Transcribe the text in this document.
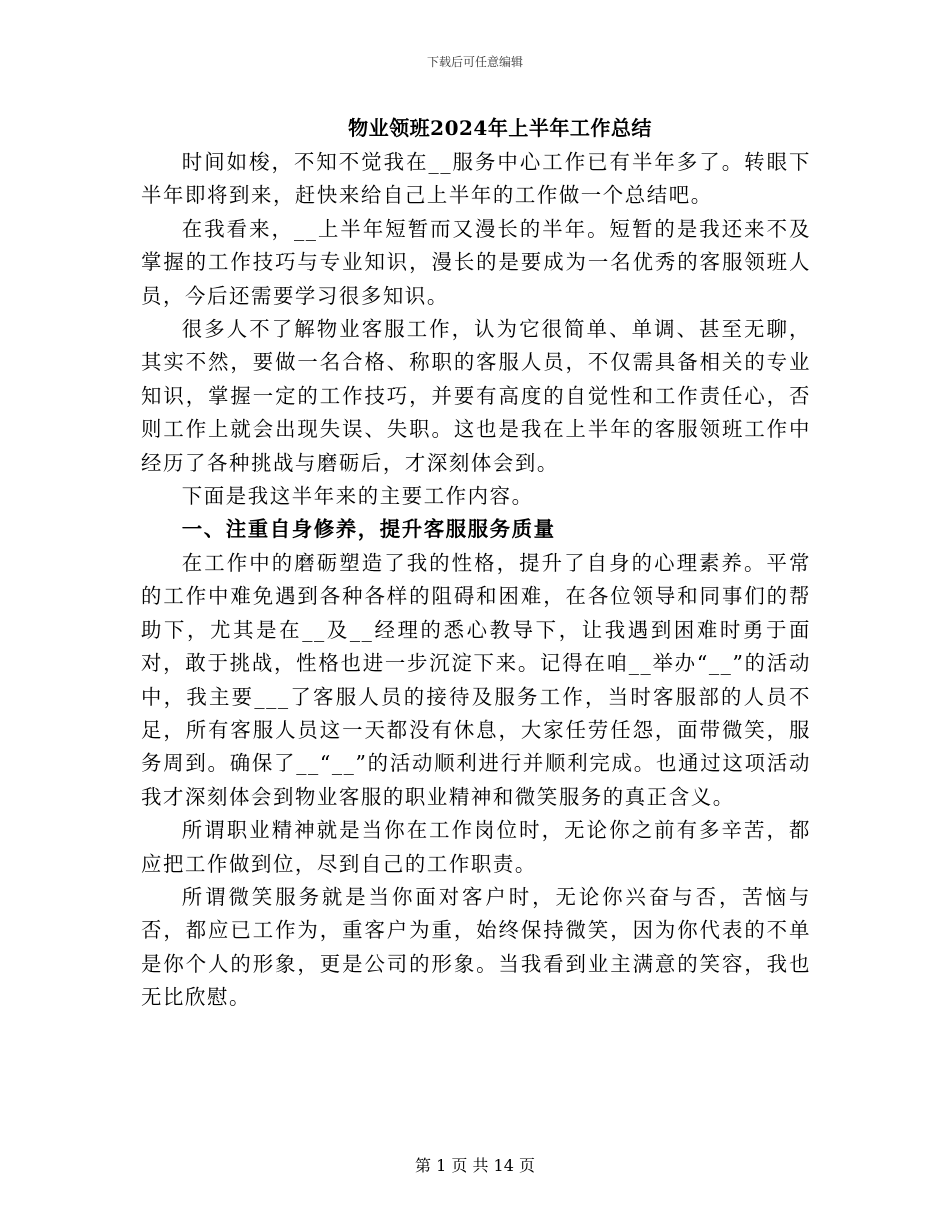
下载后可任意编辑
物业领班2024年上半年工作总结

时间如梭，不知不觉我在__服务中心工作已有半年多了。转眼下半年即将到来，赶快来给自己上半年的工作做一个总结吧。

在我看来，__上半年短暂而又漫长的半年。短暂的是我还来不及掌握的工作技巧与专业知识，漫长的是要成为一名优秀的客服领班人员，今后还需要学习很多知识。

很多人不了解物业客服工作，认为它很简单、单调、甚至无聊，其实不然，要做一名合格、称职的客服人员，不仅需具备相关的专业知识，掌握一定的工作技巧，并要有高度的自觉性和工作责任心，否则工作上就会出现失误、失职。这也是我在上半年的客服领班工作中经历了各种挑战与磨砺后，才深刻体会到。

下面是我这半年来的主要工作内容。

一、注重自身修养，提升客服服务质量

在工作中的磨砺塑造了我的性格，提升了自身的心理素养。平常的工作中难免遇到各种各样的阻碍和困难，在各位领导和同事们的帮助下，尤其是在__及__经理的悉心教导下，让我遇到困难时勇于面对，敢于挑战，性格也进一步沉淀下来。记得在咱__举办“__”的活动中，我主要___了客服人员的接待及服务工作，当时客服部的人员不足，所有客服人员这一天都没有休息，大家任劳任怨，面带微笑，服务周到。确保了__“__”的活动顺利进行并顺利完成。也通过这项活动我才深刻体会到物业客服的职业精神和微笑服务的真正含义。

所谓职业精神就是当你在工作岗位时，无论你之前有多辛苦，都应把工作做到位，尽到自己的工作职责。

所谓微笑服务就是当你面对客户时，无论你兴奋与否，苦恼与否，都应已工作为，重客户为重，始终保持微笑，因为你代表的不单是你个人的形象，更是公司的形象。当我看到业主满意的笑容，我也无比欣慰。

第 1 页 共 14 页
